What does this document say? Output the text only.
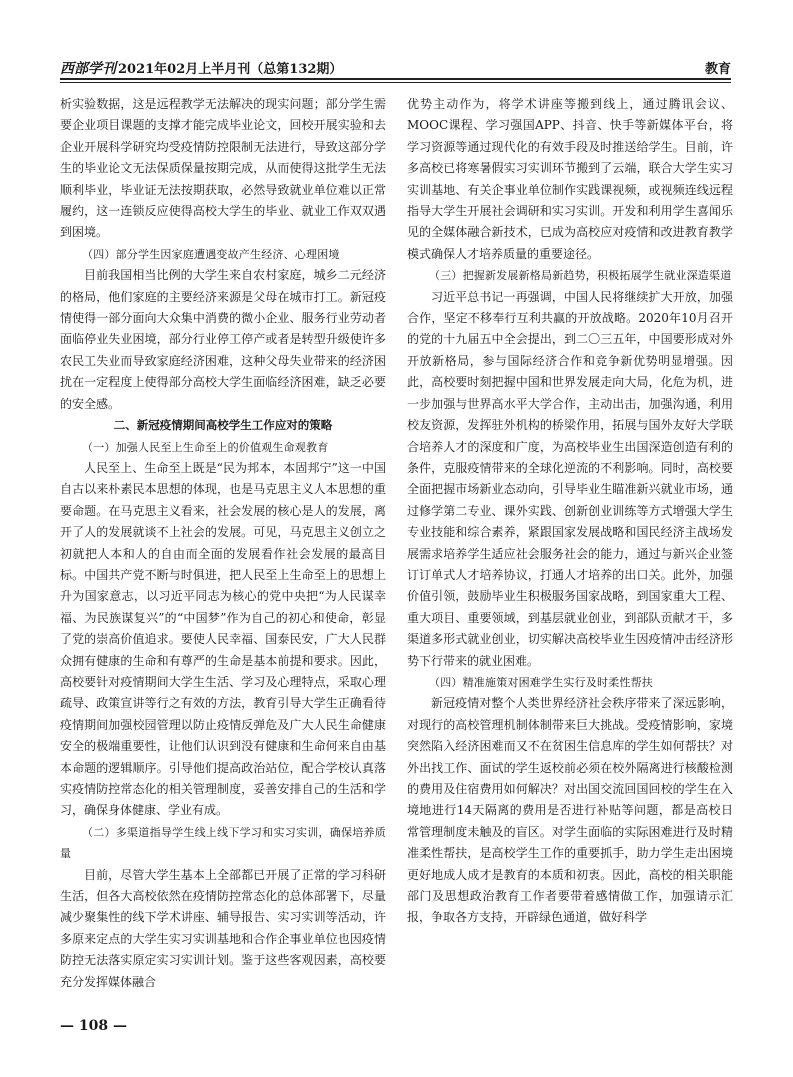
西部学刊 2021年02月上半月刊（总第132期）	教育

析实验数据，这是远程教学无法解决的现实问题；部分学生需要企业项目课题的支撑才能完成毕业论文，回校开展实验和去企业开展科学研究均受疫情防控限制无法进行，导致这部分学生的毕业论文无法保质保量按期完成，从而使得这批学生无法顺利毕业，毕业证无法按期获取，必然导致就业单位难以正常履约，这一连锁反应使得高校大学生的毕业、就业工作双双遇到困境。

（四）部分学生因家庭遭遇变故产生经济、心理困境

目前我国相当比例的大学生来自农村家庭，城乡二元经济的格局，他们家庭的主要经济来源是父母在城市打工。新冠疫情使得一部分面向大众集中消费的微小企业、服务行业劳动者面临停业失业困境，部分行业停工停产或者是转型升级使许多农民工失业而导致家庭经济困难，这种父母失业带来的经济困扰在一定程度上使得部分高校大学生面临经济困难，缺乏必要的安全感。

二、新冠疫情期间高校学生工作应对的策略

（一）加强人民至上生命至上的价值观生命观教育

人民至上、生命至上既是“民为邦本，本固邦宁”这一中国自古以来朴素民本思想的体现，也是马克思主义人本思想的重要命题。在马克思主义看来，社会发展的核心是人的发展，离开了人的发展就谈不上社会的发展。可见，马克思主义创立之初就把人本和人的自由而全面的发展看作社会发展的最高目标。中国共产党不断与时俱进，把人民至上生命至上的思想上升为国家意志，以习近平同志为核心的党中央把“为人民谋幸福、为民族谋复兴”的“中国梦”作为自己的初心和使命，彰显了党的崇高价值追求。要使人民幸福、国泰民安，广大人民群众拥有健康的生命和有尊严的生命是基本前提和要求。因此，高校要针对疫情期间大学生生活、学习及心理特点，采取心理疏导、政策宣讲等行之有效的方法，教育引导大学生正确看待疫情期间加强校园管理以防止疫情反弹危及广大人民生命健康安全的极端重要性，让他们认识到没有健康和生命何来自由基本命题的逻辑顺序。引导他们提高政治站位，配合学校认真落实疫情防控常态化的相关管理制度，妥善安排自己的生活和学习，确保身体健康、学业有成。

（二）多渠道指导学生线上线下学习和实习实训，确保培养质量

目前，尽管大学生基本上全部都已开展了正常的学习科研生活，但各大高校依然在疫情防控常态化的总体部署下，尽量减少聚集性的线下学术讲座、辅导报告、实习实训等活动，许多原来定点的大学生实习实训基地和合作企事业单位也因疫情防控无法落实原定实习实训计划。鉴于这些客观因素，高校要充分发挥媒体融合

优势主动作为，将学术讲座等搬到线上，通过腾讯会议、MOOC课程、学习强国APP、抖音、快手等新媒体平台，将学习资源等通过现代化的有效手段及时推送给学生。目前，许多高校已将寒暑假实习实训环节搬到了云端，联合大学生实习实训基地、有关企事业单位制作实践课视频，或视频连线远程指导大学生开展社会调研和实习实训。开发和利用学生喜闻乐见的全媒体融合新技术，已成为高校应对疫情和改进教育教学模式确保人才培养质量的重要途径。

（三）把握新发展新格局新趋势，积极拓展学生就业深造渠道

习近平总书记一再强调，中国人民将继续扩大开放，加强合作，坚定不移奉行互利共赢的开放战略。2020年10月召开的党的十九届五中全会提出，到二〇三五年，中国要形成对外开放新格局，参与国际经济合作和竞争新优势明显增强。因此，高校要时刻把握中国和世界发展走向大局，化危为机，进一步加强与世界高水平大学合作，主动出击，加强沟通，利用校友资源，发挥驻外机构的桥梁作用，拓展与国外友好大学联合培养人才的深度和广度，为高校毕业生出国深造创造有利的条件，克服疫情带来的全球化逆流的不利影响。同时，高校要全面把握市场新业态动向，引导毕业生瞄准新兴就业市场，通过修学第二专业、课外实践、创新创业训练等方式增强大学生专业技能和综合素养，紧跟国家发展战略和国民经济主战场发展需求培养学生适应社会服务社会的能力，通过与新兴企业签订订单式人才培养协议，打通人才培养的出口关。此外，加强价值引领，鼓励毕业生积极服务国家战略，到国家重大工程、重大项目、重要领域，到基层就业创业，到部队贡献才干，多渠道多形式就业创业，切实解决高校毕业生因疫情冲击经济形势下行带来的就业困难。

（四）精准施策对困难学生实行及时柔性帮扶

新冠疫情对整个人类世界经济社会秩序带来了深远影响，对现行的高校管理机制体制带来巨大挑战。受疫情影响，家境突然陷入经济困难而又不在贫困生信息库的学生如何帮扶？对外出找工作、面试的学生返校前必须在校外隔离进行核酸检测的费用及住宿费用如何解决？对出国交流回国回校的学生在入境地进行14天隔离的费用是否进行补贴等问题，都是高校日常管理制度未触及的盲区。对学生面临的实际困难进行及时精准柔性帮扶，是高校学生工作的重要抓手，助力学生走出困境更好地成人成才是教育的本质和初衷。因此，高校的相关职能部门及思想政治教育工作者要带着感情做工作，加强请示汇报，争取各方支持，开辟绿色通道，做好科学

— 108 —
